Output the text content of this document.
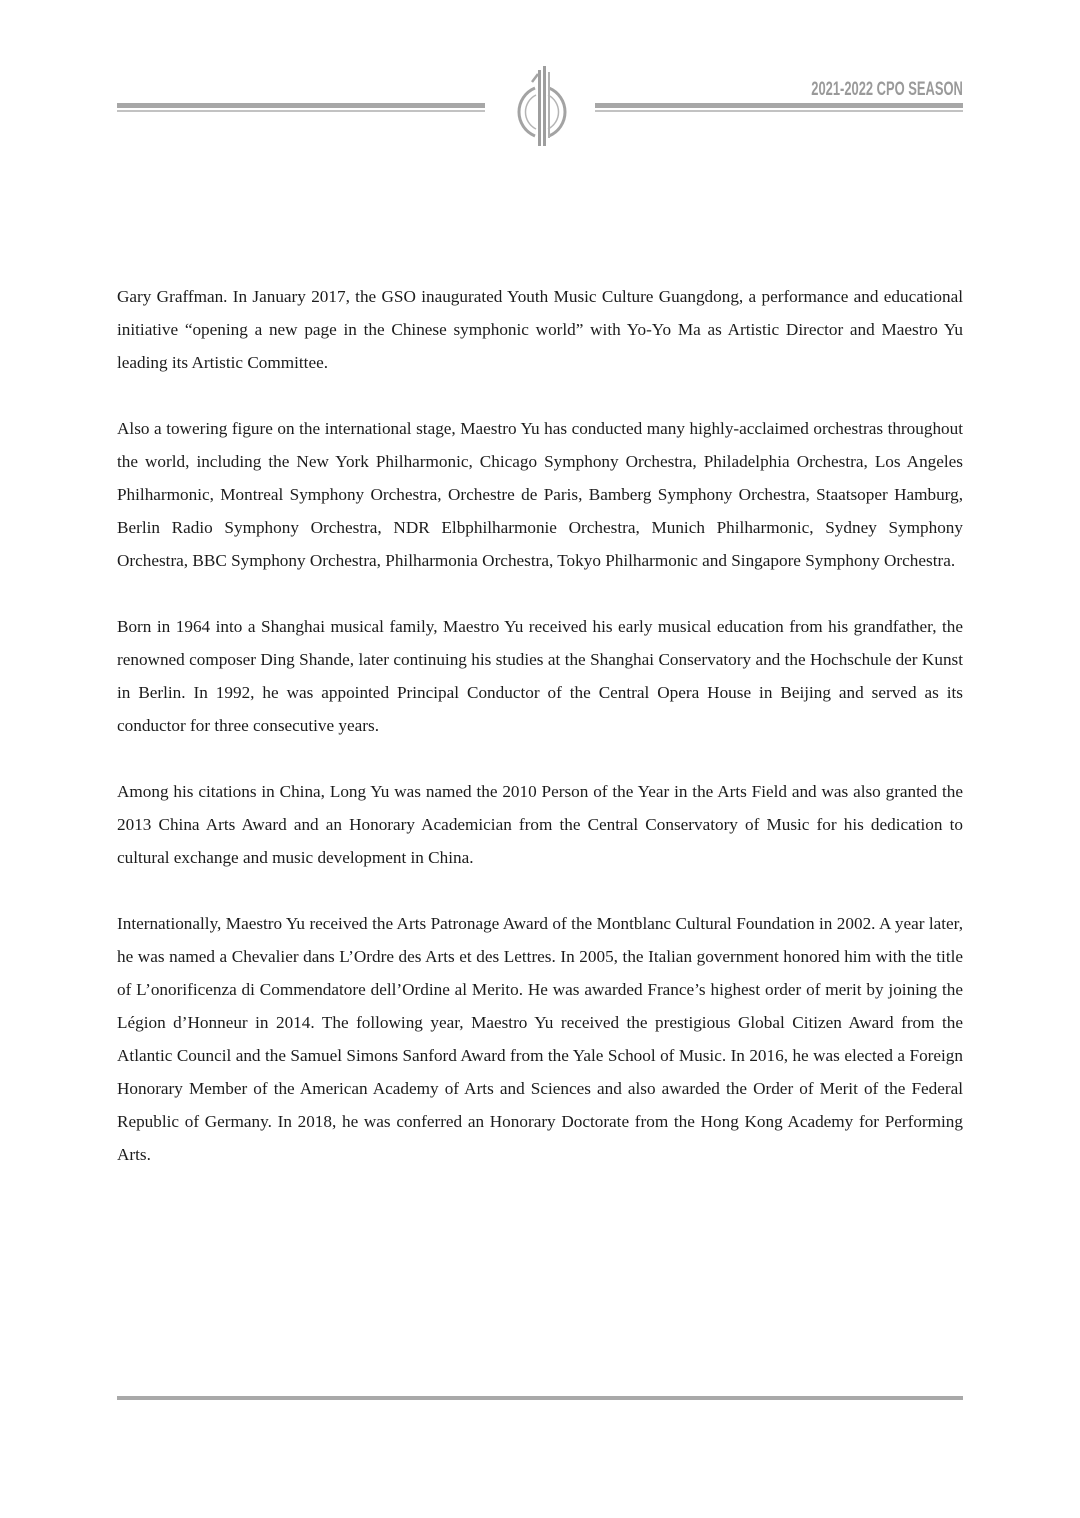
2021-2022 CPO SEASON

Gary Graffman. In January 2017, the GSO inaugurated Youth Music Culture Guangdong, a performance and educational initiative “opening a new page in the Chinese symphonic world” with Yo-Yo Ma as Artistic Director and Maestro Yu leading its Artistic Committee.

Also a towering figure on the international stage, Maestro Yu has conducted many highly-acclaimed orchestras throughout the world, including the New York Philharmonic, Chicago Symphony Orchestra, Philadelphia Orchestra, Los Angeles Philharmonic, Montreal Symphony Orchestra, Orchestre de Paris, Bamberg Symphony Orchestra, Staatsoper Hamburg, Berlin Radio Symphony Orchestra, NDR Elbphilharmonie Orchestra, Munich Philharmonic, Sydney Symphony Orchestra, BBC Symphony Orchestra, Philharmonia Orchestra, Tokyo Philharmonic and Singapore Symphony Orchestra.

Born in 1964 into a Shanghai musical family, Maestro Yu received his early musical education from his grandfather, the renowned composer Ding Shande, later continuing his studies at the Shanghai Conservatory and the Hochschule der Kunst in Berlin. In 1992, he was appointed Principal Conductor of the Central Opera House in Beijing and served as its conductor for three consecutive years.

Among his citations in China, Long Yu was named the 2010 Person of the Year in the Arts Field and was also granted the 2013 China Arts Award and an Honorary Academician from the Central Conservatory of Music for his dedication to cultural exchange and music development in China.

Internationally, Maestro Yu received the Arts Patronage Award of the Montblanc Cultural Foundation in 2002. A year later, he was named a Chevalier dans L’Ordre des Arts et des Lettres. In 2005, the Italian government honored him with the title of L’onorificenza di Commendatore dell’Ordine al Merito. He was awarded France’s highest order of merit by joining the Légion d’Honneur in 2014. The following year, Maestro Yu received the prestigious Global Citizen Award from the Atlantic Council and the Samuel Simons Sanford Award from the Yale School of Music. In 2016, he was elected a Foreign Honorary Member of the American Academy of Arts and Sciences and also awarded the Order of Merit of the Federal Republic of Germany. In 2018, he was conferred an Honorary Doctorate from the Hong Kong Academy for Performing Arts.
